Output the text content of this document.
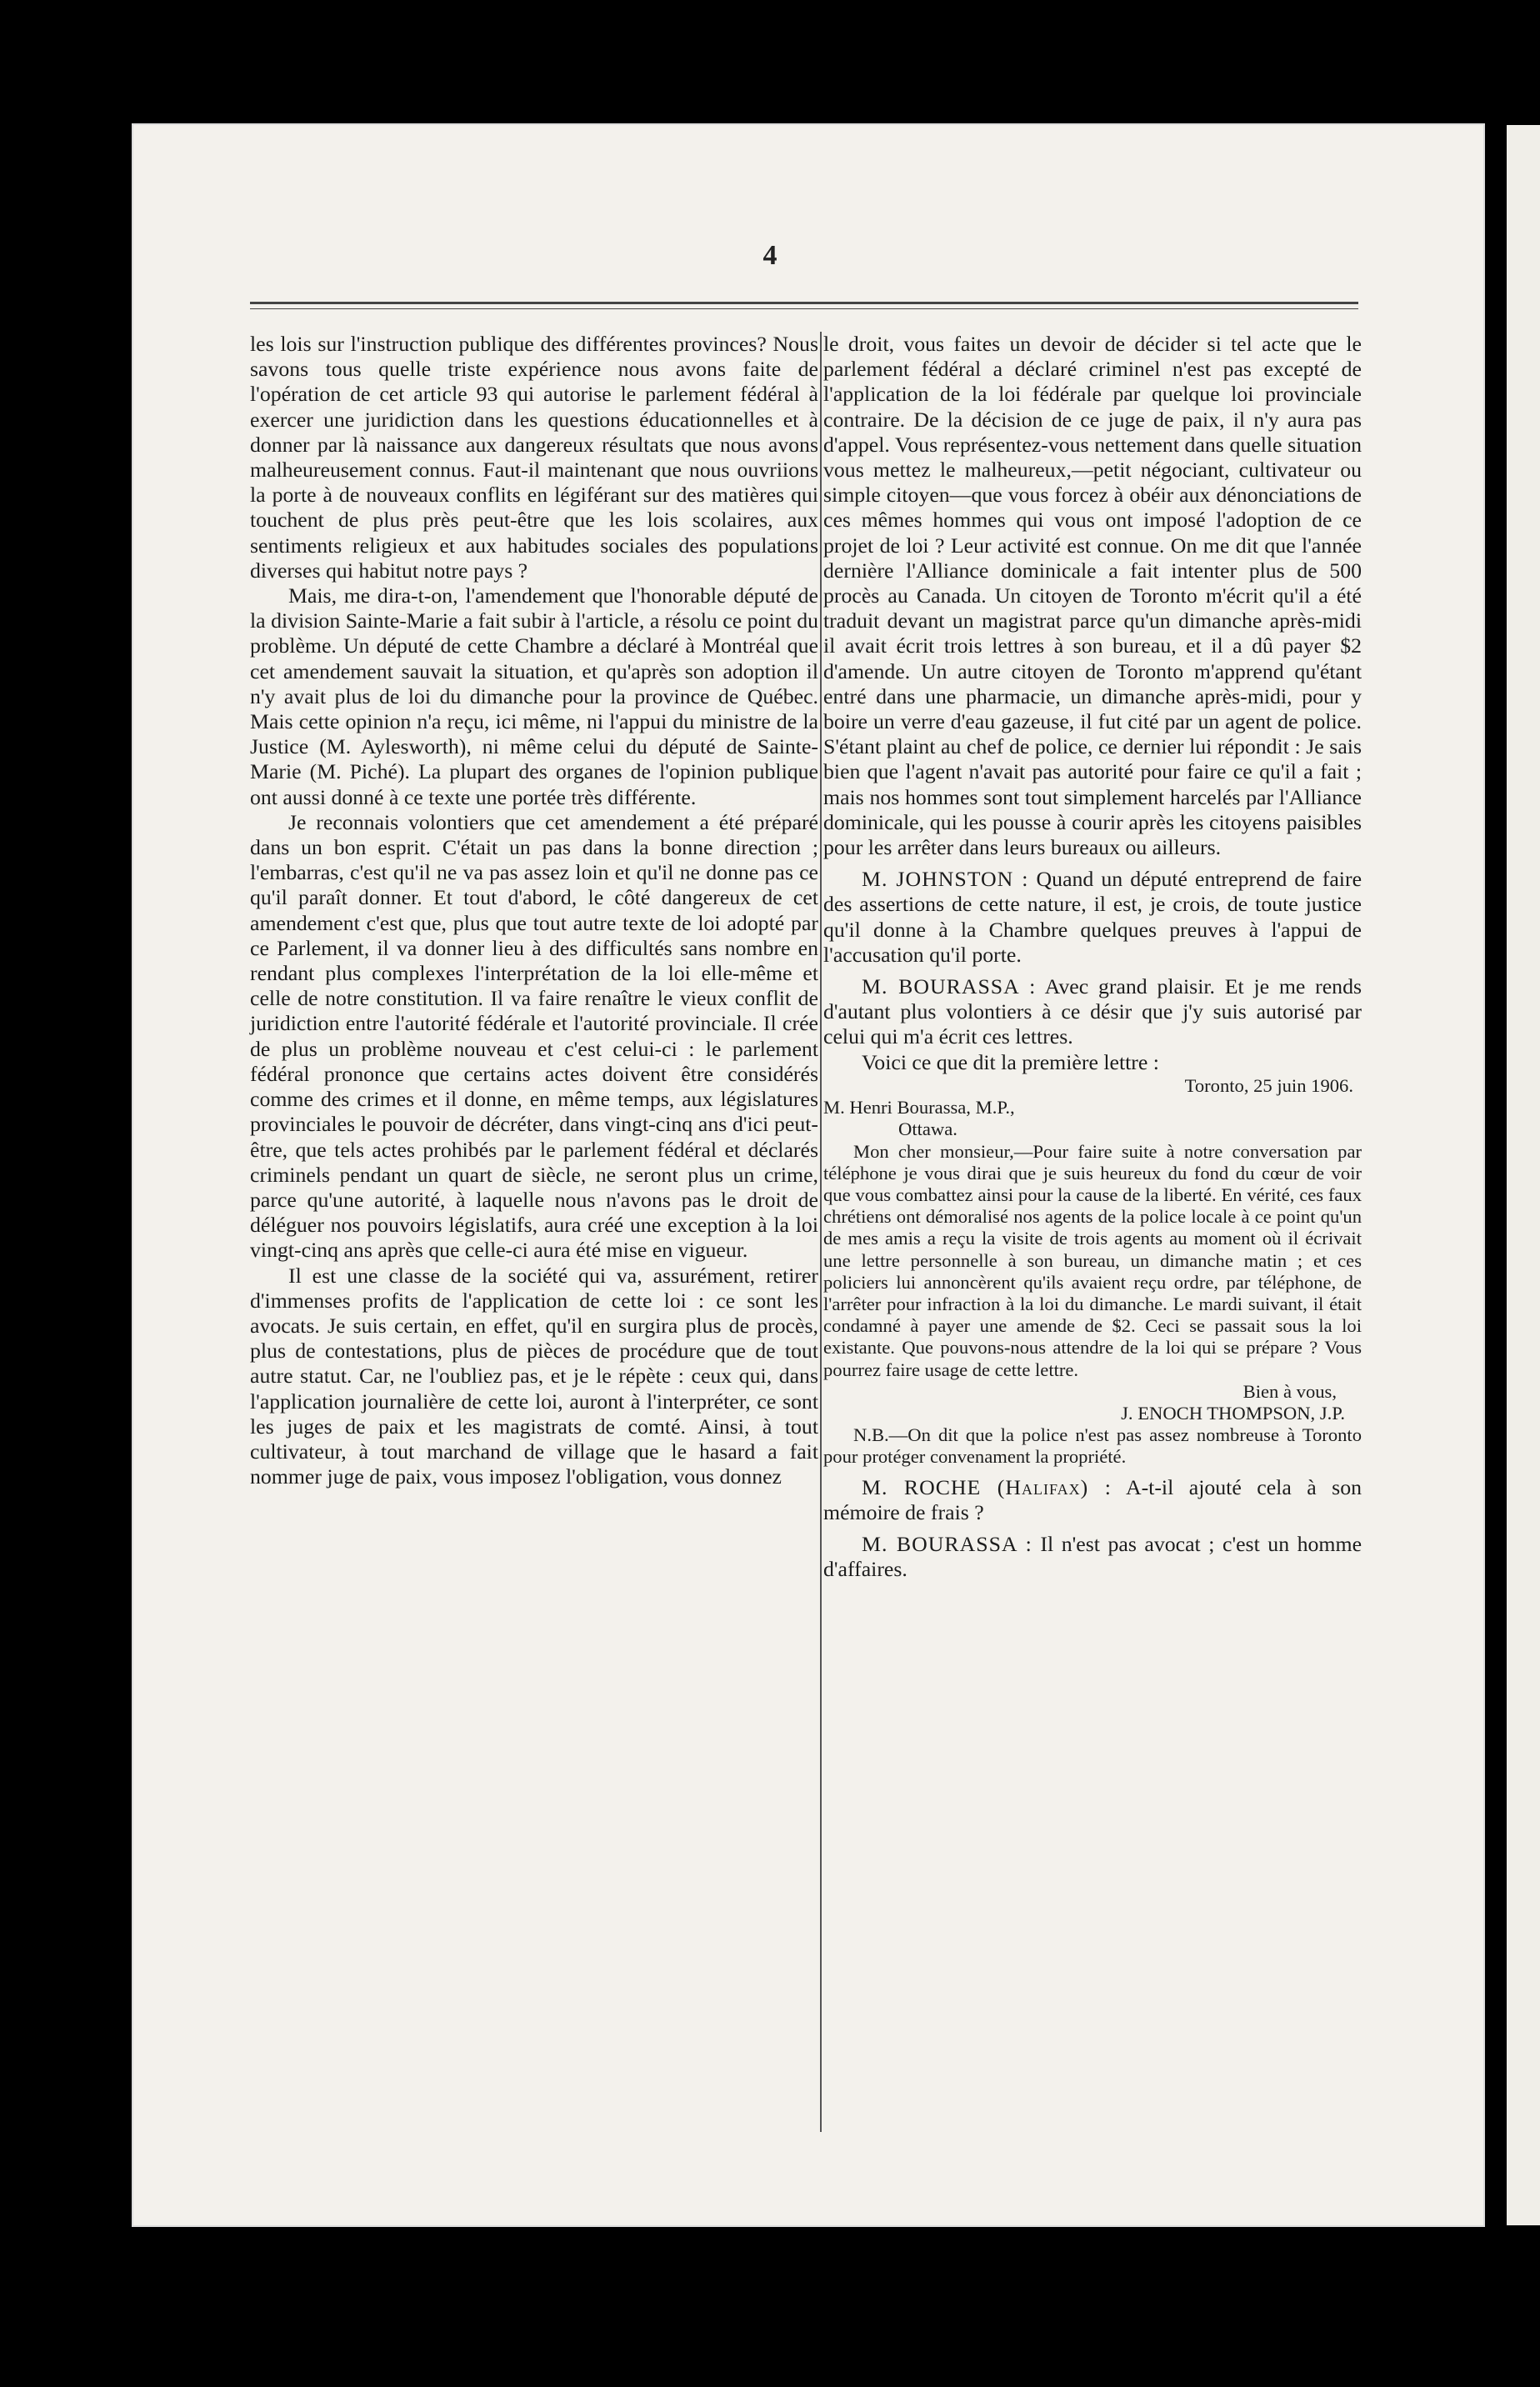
4

les lois sur l'instruction publique des différentes provinces? Nous savons tous quelle triste expérience nous avons faite de l'opération de cet article 93 qui autorise le parlement fédéral à exercer une juridiction dans les questions éducationnelles et à donner par là naissance aux dangereux résultats que nous avons malheureusement connus. Faut-il maintenant que nous ouvriions la porte à de nouveaux conflits en légiférant sur des matières qui touchent de plus près peut-être que les lois scolaires, aux sentiments religieux et aux habitudes sociales des populations diverses qui habitut notre pays ?

Mais, me dira-t-on, l'amendement que l'honorable député de la division Sainte-Marie a fait subir à l'article, a résolu ce point du problème. Un député de cette Chambre a déclaré à Montréal que cet amendement sauvait la situation, et qu'après son adoption il n'y avait plus de loi du dimanche pour la province de Québec. Mais cette opinion n'a reçu, ici même, ni l'appui du ministre de la Justice (M. Aylesworth), ni même celui du député de Sainte-Marie (M. Piché). La plupart des organes de l'opinion publique ont aussi donné à ce texte une portée très différente.

Je reconnais volontiers que cet amendement a été préparé dans un bon esprit. C'était un pas dans la bonne direction ; l'embarras, c'est qu'il ne va pas assez loin et qu'il ne donne pas ce qu'il paraît donner. Et tout d'abord, le côté dangereux de cet amendement c'est que, plus que tout autre texte de loi adopté par ce Parlement, il va donner lieu à des difficultés sans nombre en rendant plus complexes l'interprétation de la loi elle-même et celle de notre constitution. Il va faire renaître le vieux conflit de juridiction entre l'autorité fédérale et l'autorité provinciale. Il crée de plus un problème nouveau et c'est celui-ci : le parlement fédéral prononce que certains actes doivent être considérés comme des crimes et il donne, en même temps, aux législatures provinciales le pouvoir de décréter, dans vingt-cinq ans d'ici peut-être, que tels actes prohibés par le parlement fédéral et déclarés criminels pendant un quart de siècle, ne seront plus un crime, parce qu'une autorité, à laquelle nous n'avons pas le droit de déléguer nos pouvoirs législatifs, aura créé une exception à la loi vingt-cinq ans après que celle-ci aura été mise en vigueur.

Il est une classe de la société qui va, assurément, retirer d'immenses profits de l'application de cette loi : ce sont les avocats. Je suis certain, en effet, qu'il en surgira plus de procès, plus de contestations, plus de pièces de procédure que de tout autre statut. Car, ne l'oubliez pas, et je le répète : ceux qui, dans l'application journalière de cette loi, auront à l'interpréter, ce sont les juges de paix et les magistrats de comté. Ainsi, à tout cultivateur, à tout marchand de village que le hasard a fait nommer juge de paix, vous imposez l'obligation, vous donnez

le droit, vous faites un devoir de décider si tel acte que le parlement fédéral a déclaré criminel n'est pas excepté de l'application de la loi fédérale par quelque loi provinciale contraire. De la décision de ce juge de paix, il n'y aura pas d'appel. Vous représentez-vous nettement dans quelle situation vous mettez le malheureux,—petit négociant, cultivateur ou simple citoyen—que vous forcez à obéir aux dénonciations de ces mêmes hommes qui vous ont imposé l'adoption de ce projet de loi ? Leur activité est connue. On me dit que l'année dernière l'Alliance dominicale a fait intenter plus de 500 procès au Canada. Un citoyen de Toronto m'écrit qu'il a été traduit devant un magistrat parce qu'un dimanche après-midi il avait écrit trois lettres à son bureau, et il a dû payer $2 d'amende. Un autre citoyen de Toronto m'apprend qu'étant entré dans une pharmacie, un dimanche après-midi, pour y boire un verre d'eau gazeuse, il fut cité par un agent de police. S'étant plaint au chef de police, ce dernier lui répondit : Je sais bien que l'agent n'avait pas autorité pour faire ce qu'il a fait ; mais nos hommes sont tout simplement harcelés par l'Alliance dominicale, qui les pousse à courir après les citoyens paisibles pour les arrêter dans leurs bureaux ou ailleurs.

M. JOHNSTON : Quand un député entreprend de faire des assertions de cette nature, il est, je crois, de toute justice qu'il donne à la Chambre quelques preuves à l'appui de l'accusation qu'il porte.

M. BOURASSA : Avec grand plaisir. Et je me rends d'autant plus volontiers à ce désir que j'y suis autorisé par celui qui m'a écrit ces lettres.

Voici ce que dit la première lettre :

Toronto, 25 juin 1906.

M. Henri Bourassa, M.P.,

Ottawa.

Mon cher monsieur,—Pour faire suite à notre conversation par téléphone je vous dirai que je suis heureux du fond du cœur de voir que vous combattez ainsi pour la cause de la liberté. En vérité, ces faux chrétiens ont démoralisé nos agents de la police locale à ce point qu'un de mes amis a reçu la visite de trois agents au moment où il écrivait une lettre personnelle à son bureau, un dimanche matin ; et ces policiers lui annoncèrent qu'ils avaient reçu ordre, par téléphone, de l'arrêter pour infraction à la loi du dimanche. Le mardi suivant, il était condamné à payer une amende de $2. Ceci se passait sous la loi existante. Que pouvons-nous attendre de la loi qui se prépare ? Vous pourrez faire usage de cette lettre.

Bien à vous,

J. ENOCH THOMPSON, J.P.

N.B.—On dit que la police n'est pas assez nombreuse à Toronto pour protéger convenament la propriété.

M. ROCHE (Halifax) : A-t-il ajouté cela à son mémoire de frais ?

M. BOURASSA : Il n'est pas avocat ; c'est un homme d'affaires.
